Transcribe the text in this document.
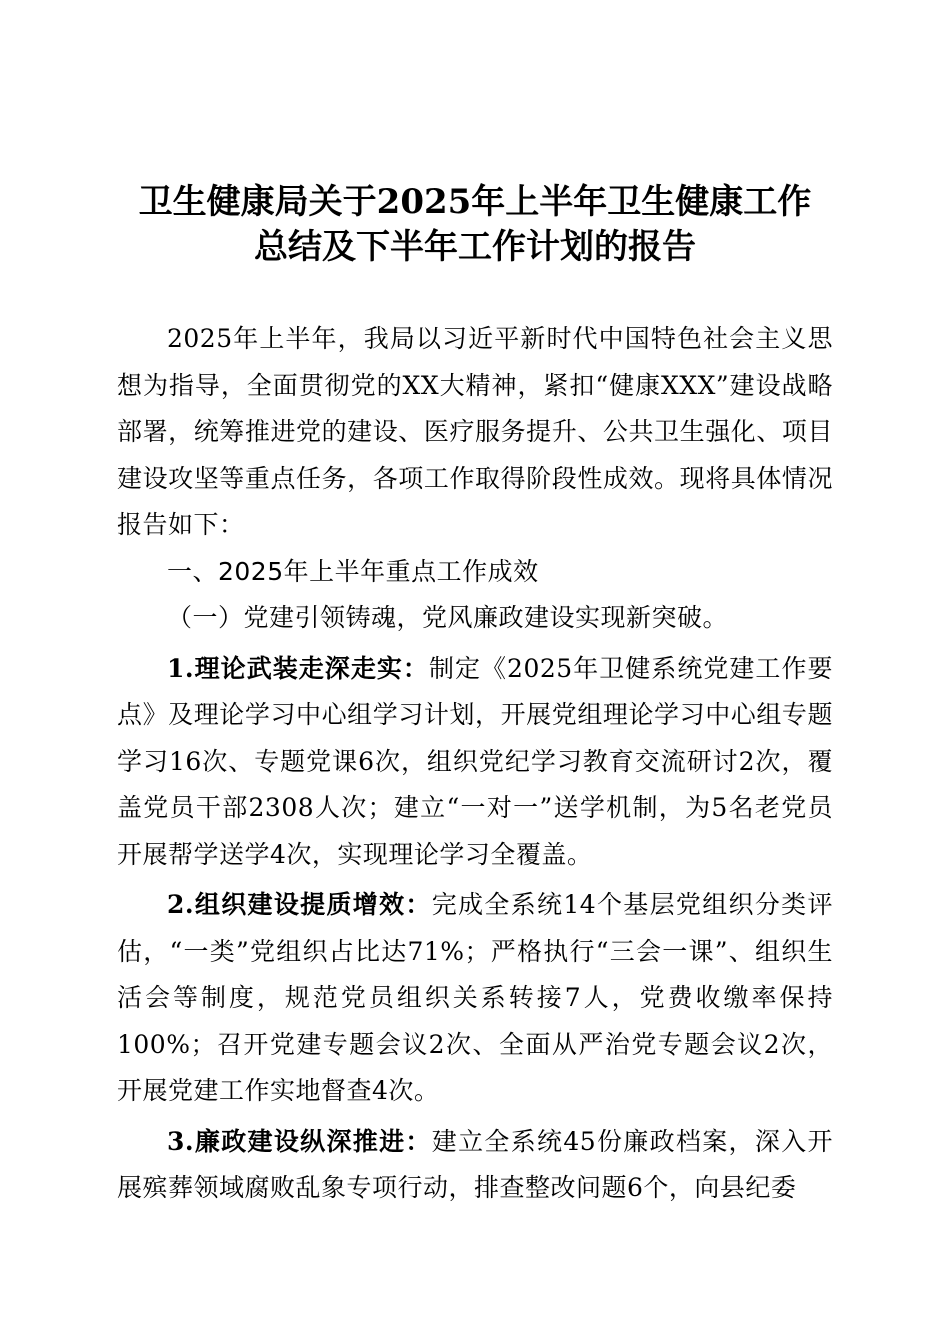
卫生健康局关于2025年上半年卫生健康工作
总结及下半年工作计划的报告

2025年上半年，我局以习近平新时代中国特色社会主义思想为指导，全面贯彻党的XX大精神，紧扣“健康XXX”建设战略部署，统筹推进党的建设、医疗服务提升、公共卫生强化、项目建设攻坚等重点任务，各项工作取得阶段性成效。现将具体情况报告如下：

一、2025年上半年重点工作成效

（一）党建引领铸魂，党风廉政建设实现新突破。

1.理论武装走深走实：制定《2025年卫健系统党建工作要点》及理论学习中心组学习计划，开展党组理论学习中心组专题学习16次、专题党课6次，组织党纪学习教育交流研讨2次，覆盖党员干部2308人次；建立“一对一”送学机制，为5名老党员开展帮学送学4次，实现理论学习全覆盖。

2.组织建设提质增效：完成全系统14个基层党组织分类评估，“一类”党组织占比达71%；严格执行“三会一课”、组织生活会等制度，规范党员组织关系转接7人，党费收缴率保持100%；召开党建专题会议2次、全面从严治党专题会议2次，开展党建工作实地督查4次。

3.廉政建设纵深推进：建立全系统45份廉政档案，深入开展殡葬领域腐败乱象专项行动，排查整改问题6个，向县纪委
